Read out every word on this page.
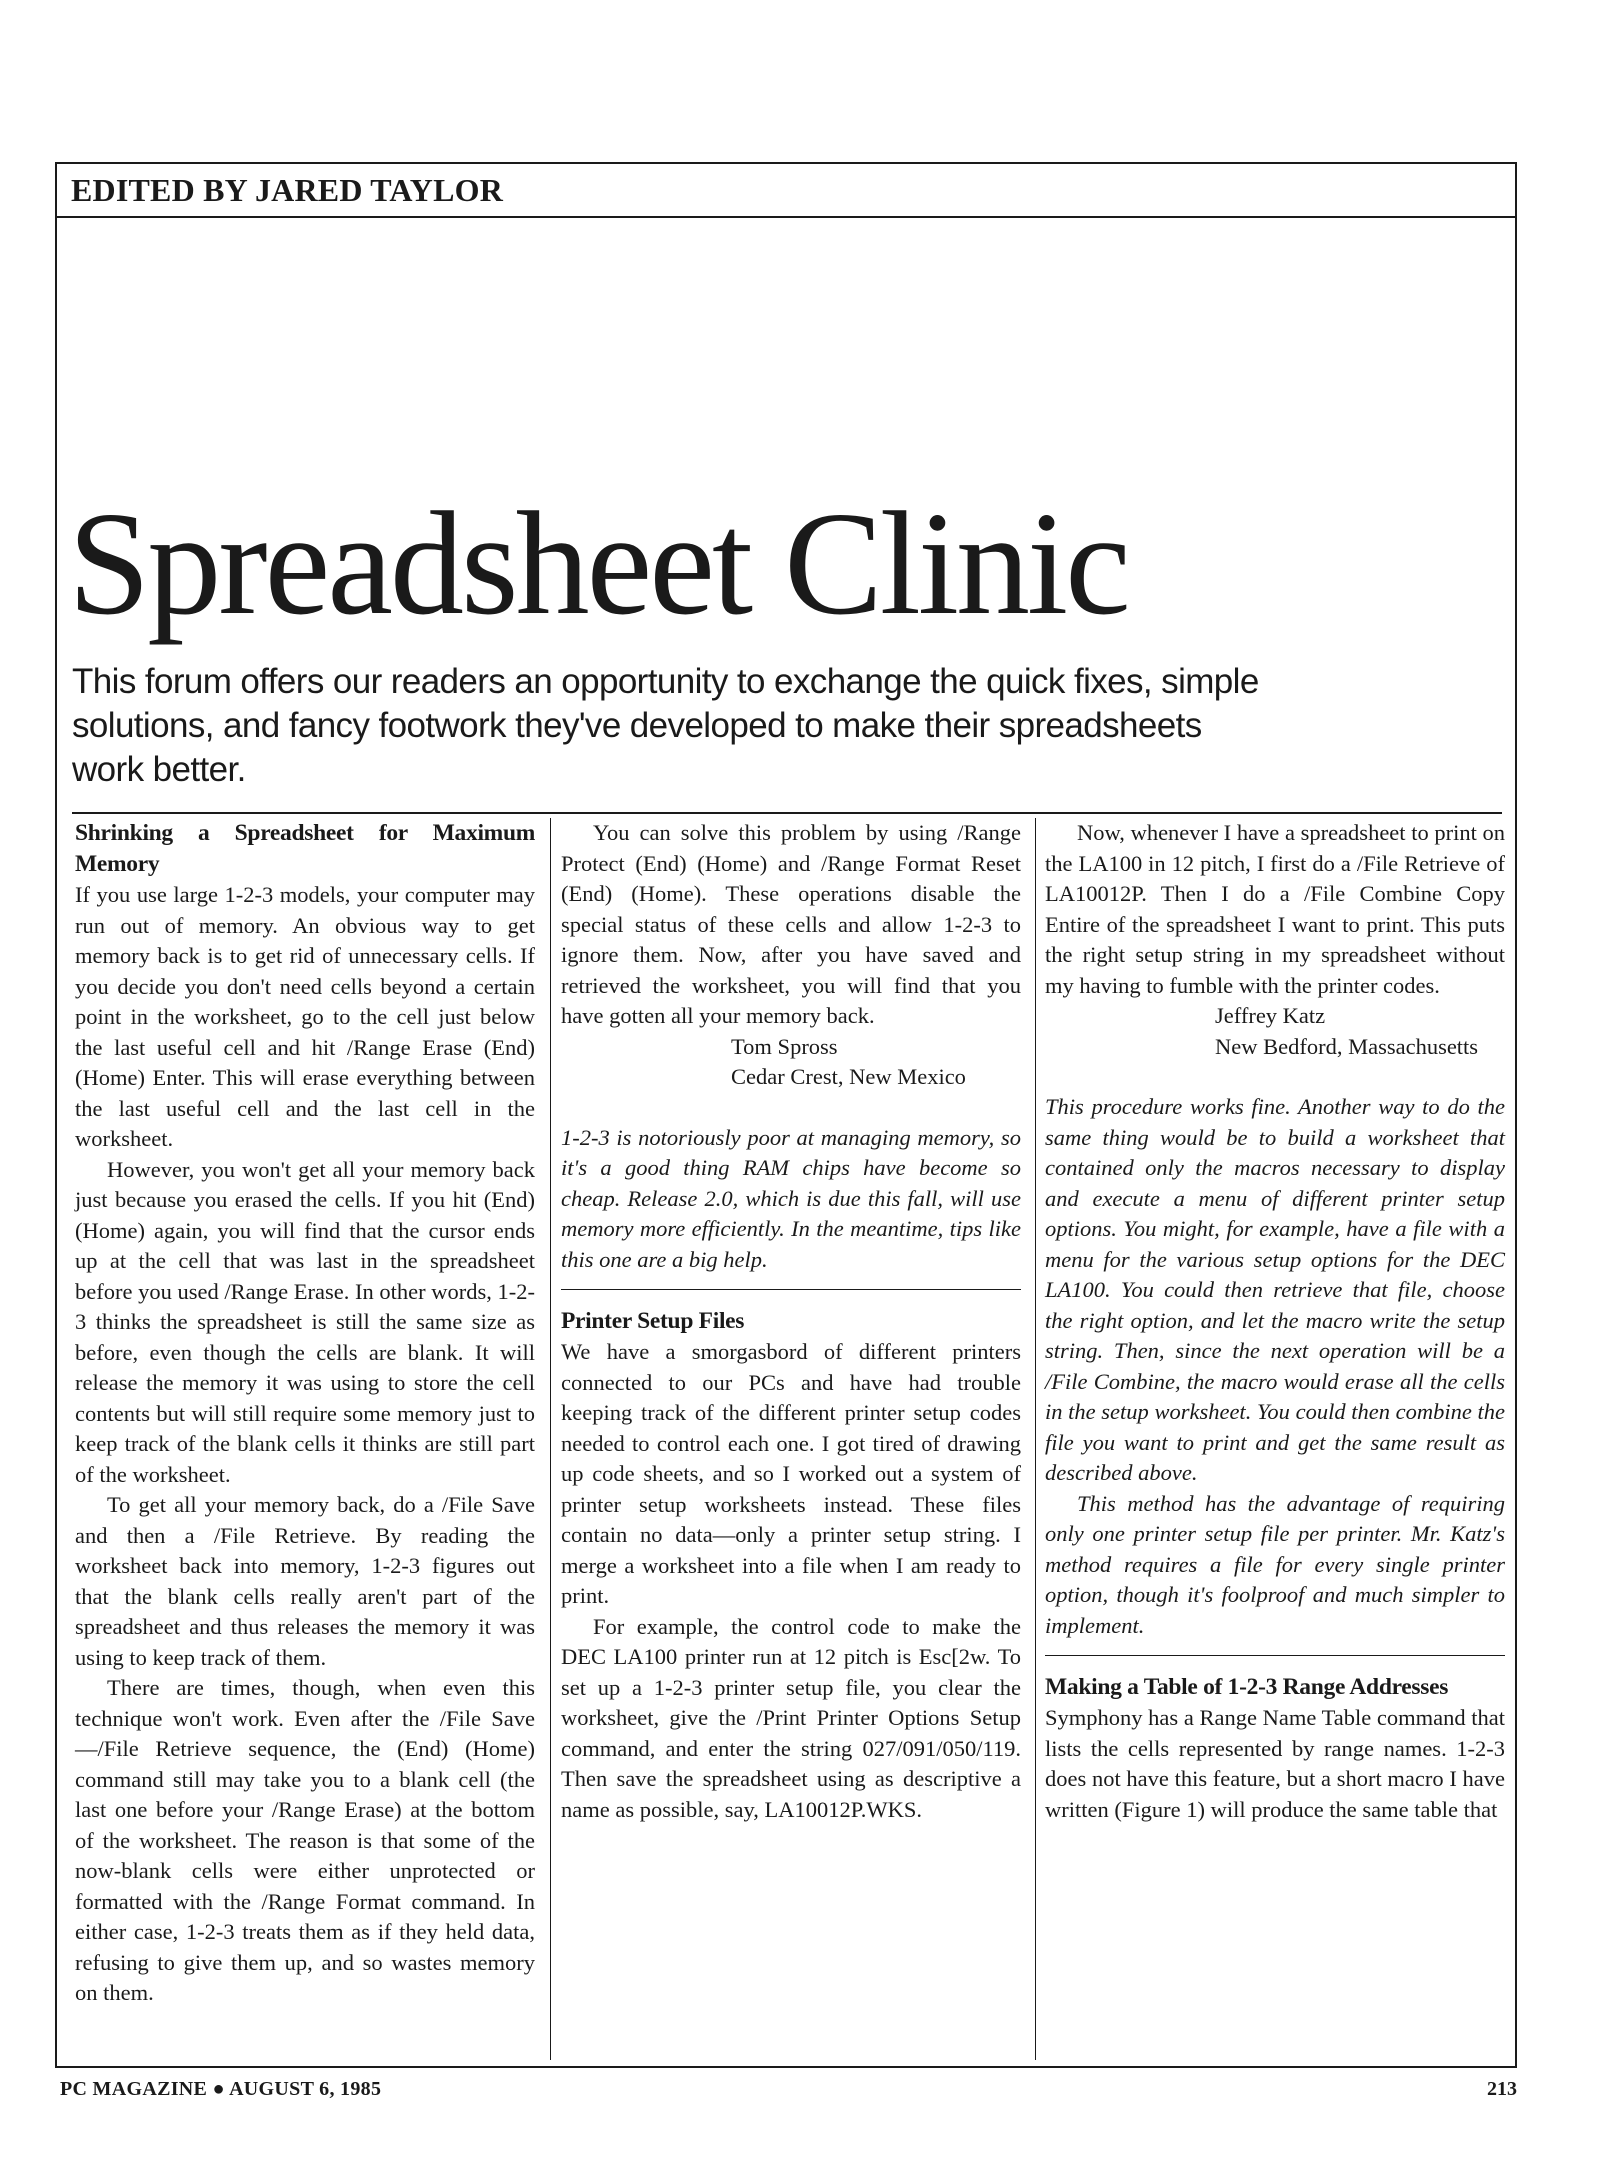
EDITED BY JARED TAYLOR
Spreadsheet Clinic
This forum offers our readers an opportunity to exchange the quick fixes, simple solutions, and fancy footwork they've developed to make their spreadsheets work better.

Shrinking a Spreadsheet for Maximum Memory

If you use large 1-2-3 models, your computer may run out of memory. An obvious way to get memory back is to get rid of unnecessary cells. If you decide you don't need cells beyond a certain point in the worksheet, go to the cell just below the last useful cell and hit /Range Erase (End) (Home) Enter. This will erase everything between the last useful cell and the last cell in the worksheet.

However, you won't get all your memory back just because you erased the cells. If you hit (End) (Home) again, you will find that the cursor ends up at the cell that was last in the spreadsheet before you used /Range Erase. In other words, 1-2-3 thinks the spreadsheet is still the same size as before, even though the cells are blank. It will release the memory it was using to store the cell contents but will still require some memory just to keep track of the blank cells it thinks are still part of the worksheet.

To get all your memory back, do a /File Save and then a /File Retrieve. By reading the worksheet back into memory, 1-2-3 figures out that the blank cells really aren't part of the spreadsheet and thus releases the memory it was using to keep track of them.

There are times, though, when even this technique won't work. Even after the /File Save—/File Retrieve sequence, the (End) (Home) command still may take you to a blank cell (the last one before your /Range Erase) at the bottom of the worksheet. The reason is that some of the now-blank cells were either unprotected or formatted with the /Range Format command. In either case, 1-2-3 treats them as if they held data, refusing to give them up, and so wastes memory on them.

You can solve this problem by using /Range Protect (End) (Home) and /Range Format Reset (End) (Home). These operations disable the special status of these cells and allow 1-2-3 to ignore them. Now, after you have saved and retrieved the worksheet, you will find that you have gotten all your memory back.

Tom Spross

Cedar Crest, New Mexico

1-2-3 is notoriously poor at managing memory, so it's a good thing RAM chips have become so cheap. Release 2.0, which is due this fall, will use memory more efficiently. In the meantime, tips like this one are a big help.

Printer Setup Files

We have a smorgasbord of different printers connected to our PCs and have had trouble keeping track of the different printer setup codes needed to control each one. I got tired of drawing up code sheets, and so I worked out a system of printer setup worksheets instead. These files contain no data—only a printer setup string. I merge a worksheet into a file when I am ready to print.

For example, the control code to make the DEC LA100 printer run at 12 pitch is Esc[2w. To set up a 1-2-3 printer setup file, you clear the worksheet, give the /Print Printer Options Setup command, and enter the string 027/091/050/119. Then save the spreadsheet using as descriptive a name as possible, say, LA10012P.WKS.

Now, whenever I have a spreadsheet to print on the LA100 in 12 pitch, I first do a /File Retrieve of LA10012P. Then I do a /File Combine Copy Entire of the spreadsheet I want to print. This puts the right setup string in my spreadsheet without my having to fumble with the printer codes.

Jeffrey Katz

New Bedford, Massachusetts

This procedure works fine. Another way to do the same thing would be to build a worksheet that contained only the macros necessary to display and execute a menu of different printer setup options. You might, for example, have a file with a menu for the various setup options for the DEC LA100. You could then retrieve that file, choose the right option, and let the macro write the setup string. Then, since the next operation will be a /File Combine, the macro would erase all the cells in the setup worksheet. You could then combine the file you want to print and get the same result as described above.

This method has the advantage of requiring only one printer setup file per printer. Mr. Katz's method requires a file for every single printer option, though it's foolproof and much simpler to implement.

Making a Table of 1-2-3 Range Addresses

Symphony has a Range Name Table command that lists the cells represented by range names. 1-2-3 does not have this feature, but a short macro I have written (Figure 1) will produce the same table that

PC MAGAZINE ● AUGUST 6, 1985	213
